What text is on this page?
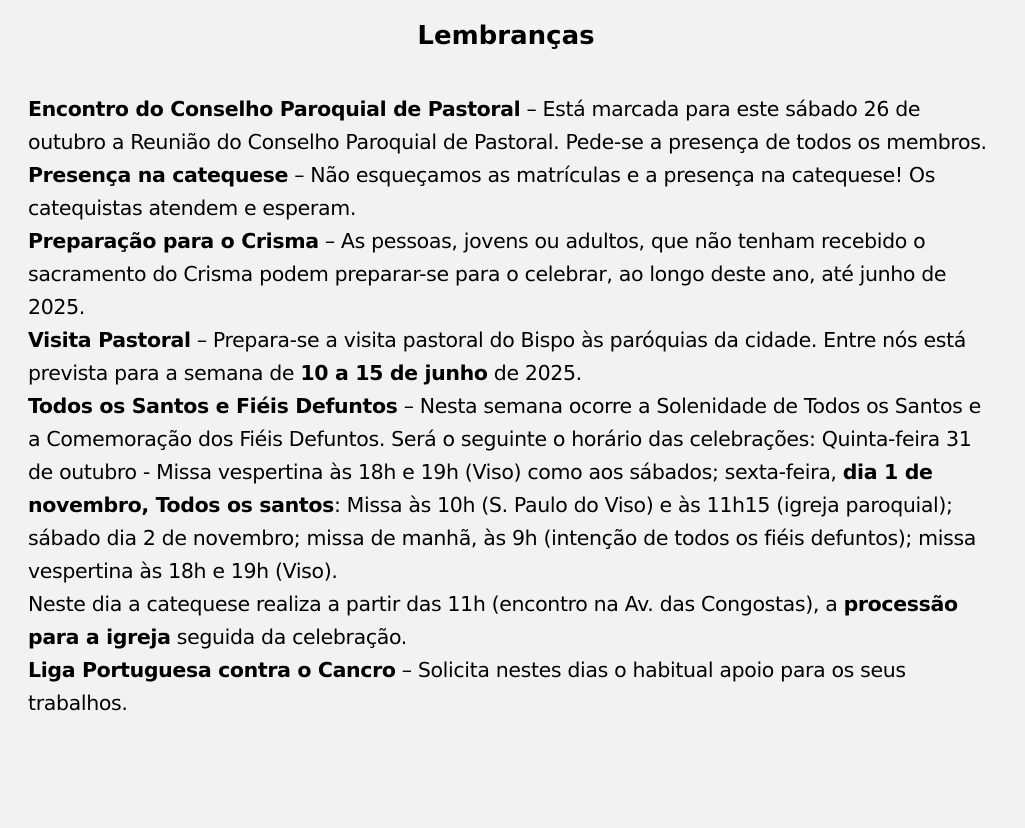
Lembranças

Encontro do Conselho Paroquial de Pastoral – Está marcada para este sábado 26 de outubro a Reunião do Conselho Paroquial de Pastoral. Pede-se a presença de todos os membros.

Presença na catequese – Não esqueçamos as matrículas e a presença na catequese! Os catequistas atendem e esperam.

Preparação para o Crisma – As pessoas, jovens ou adultos, que não tenham recebido o sacramento do Crisma podem preparar-se para o celebrar, ao longo deste ano, até junho de 2025.

Visita Pastoral – Prepara-se a visita pastoral do Bispo às paróquias da cidade. Entre nós está prevista para a semana de 10 a 15 de junho de 2025.

Todos os Santos e Fiéis Defuntos – Nesta semana ocorre a Solenidade de Todos os Santos e a Comemoração dos Fiéis Defuntos. Será o seguinte o horário das celebrações: Quinta-feira 31 de outubro - Missa vespertina às 18h e 19h (Viso) como aos sábados; sexta-feira, dia 1 de novembro, Todos os santos: Missa às 10h (S. Paulo do Viso) e às 11h15 (igreja paroquial); sábado dia 2 de novembro; missa de manhã, às 9h (intenção de todos os fiéis defuntos); missa vespertina às 18h e 19h (Viso).

Neste dia a catequese realiza a partir das 11h (encontro na Av. das Congostas), a processão para a igreja seguida da celebração.

Liga Portuguesa contra o Cancro – Solicita nestes dias o habitual apoio para os seus trabalhos.
